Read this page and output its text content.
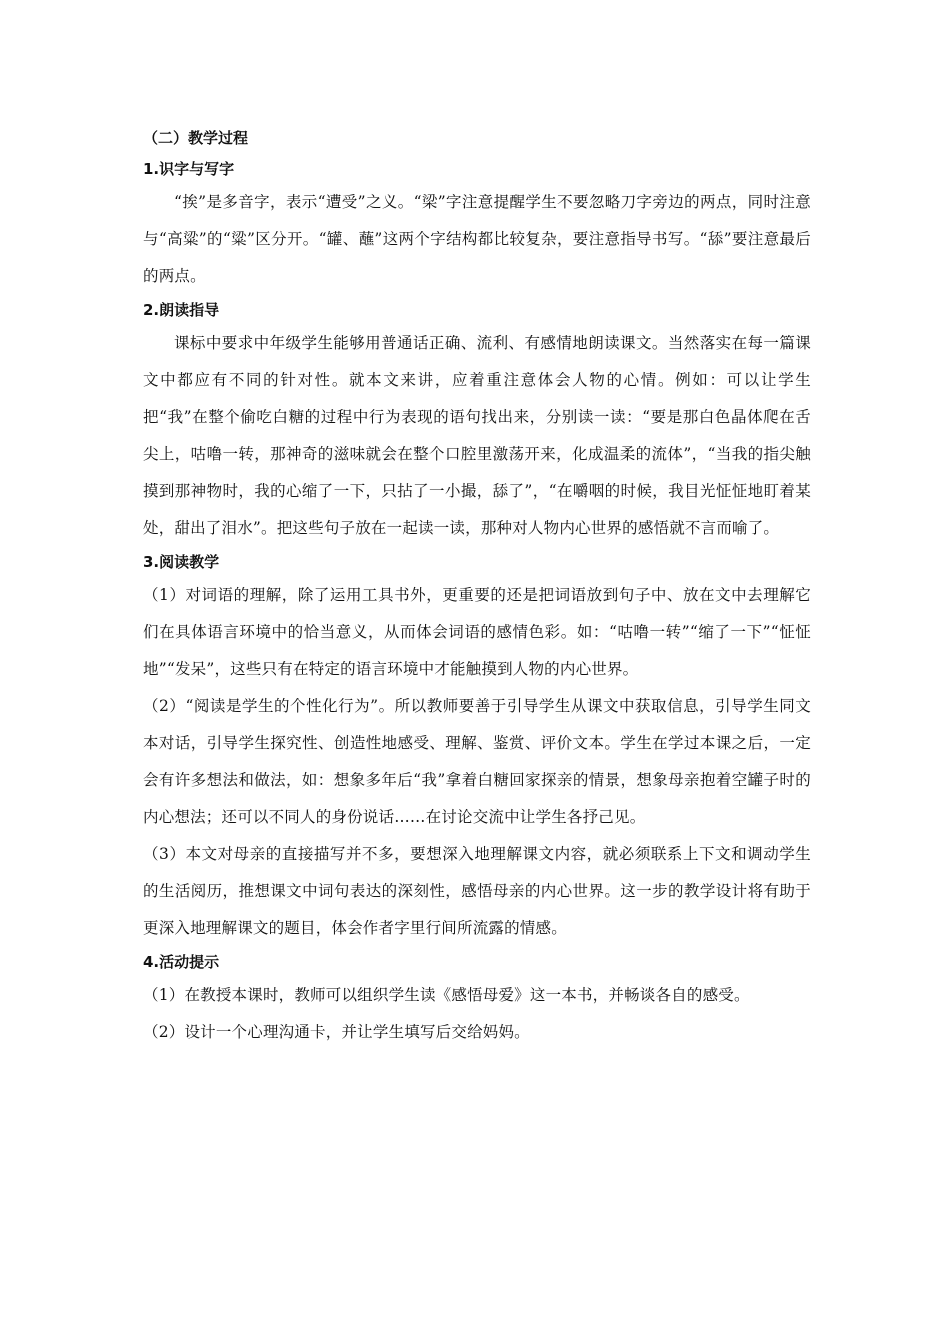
（二）教学过程
1.识字与写字

“挨”是多音字，表示“遭受”之义。“梁”字注意提醒学生不要忽略刀字旁边的两点，同时注意与“高粱”的“粱”区分开。“罐、蘸”这两个字结构都比较复杂，要注意指导书写。“舔”要注意最后的两点。

2.朗读指导

课标中要求中年级学生能够用普通话正确、流利、有感情地朗读课文。当然落实在每一篇课文中都应有不同的针对性。就本文来讲，应着重注意体会人物的心情。例如：可以让学生把“我”在整个偷吃白糖的过程中行为表现的语句找出来，分别读一读：“要是那白色晶体爬在舌尖上，咕噜一转，那神奇的滋味就会在整个口腔里激荡开来，化成温柔的流体”，“当我的指尖触摸到那神物时，我的心缩了一下，只拈了一小撮，舔了”，“在嚼咽的时候，我目光怔怔地盯着某处，甜出了泪水”。把这些句子放在一起读一读，那种对人物内心世界的感悟就不言而喻了。

3.阅读教学

（1）对词语的理解，除了运用工具书外，更重要的还是把词语放到句子中、放在文中去理解它们在具体语言环境中的恰当意义，从而体会词语的感情色彩。如：“咕噜一转”“缩了一下”“怔怔地”“发呆”，这些只有在特定的语言环境中才能触摸到人物的内心世界。

（2）“阅读是学生的个性化行为”。所以教师要善于引导学生从课文中获取信息，引导学生同文本对话，引导学生探究性、创造性地感受、理解、鉴赏、评价文本。学生在学过本课之后，一定会有许多想法和做法，如：想象多年后“我”拿着白糖回家探亲的情景，想象母亲抱着空罐子时的内心想法；还可以不同人的身份说话……在讨论交流中让学生各抒己见。

（3）本文对母亲的直接描写并不多，要想深入地理解课文内容，就必须联系上下文和调动学生的生活阅历，推想课文中词句表达的深刻性，感悟母亲的内心世界。这一步的教学设计将有助于更深入地理解课文的题目，体会作者字里行间所流露的情感。

4.活动提示

（1）在教授本课时，教师可以组织学生读《感悟母爱》这一本书，并畅谈各自的感受。

（2）设计一个心理沟通卡，并让学生填写后交给妈妈。
